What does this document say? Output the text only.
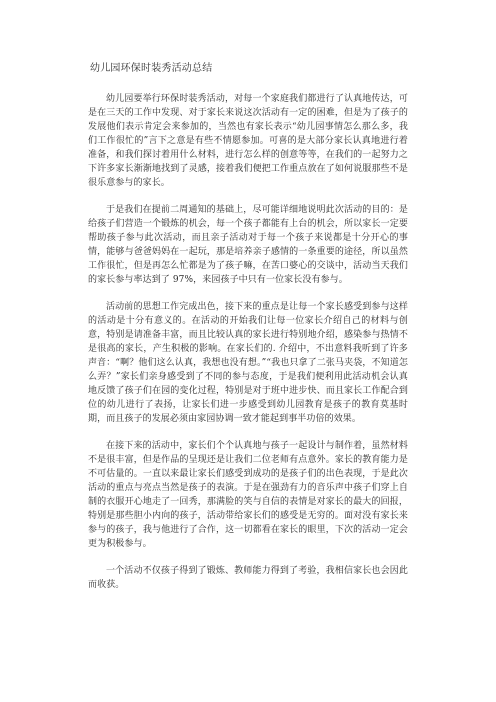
幼儿园环保时装秀活动总结

幼儿园要举行环保时装秀活动，对每一个家庭我们都进行了认真地传达，可是在三天的工作中发现、对于家长来说这次活动有一定的困难，但是为了孩子的发展他们表示肯定会来参加的，当然也有家长表示“幼儿园事情怎么那么多，我们工作很忙的”言下之意是有些不情愿参加。可喜的是大部分家长认真地进行着准备，和我们探讨着用什么材料，进行怎么样的创意等等，在我们的一起努力之下许多家长渐渐地找到了灵感，接着我们便把工作重点放在了如何说服那些不是很乐意参与的家长。

于是我们在提前二周通知的基础上，尽可能详细地说明此次活动的目的：是给孩子们营造一个锻炼的机会，每一个孩子都能有上台的机会，所以家长一定要帮助孩子参与此次活动，而且亲子活动对于每一个孩子来说都是十分开心的事情，能够与爸爸妈妈在一起玩，那是培养亲子感情的一条重要的途径，所以虽然工作很忙，但是再怎么忙都是为了孩子嘛，在苦口婆心的交谈中，活动当天我们的家长参与率达到了 97%，来园孩子中只有一位家长没有参与。

活动前的思想工作完成出色，接下来的重点是让每一个家长感受到参与这样的活动是十分有意义的。在活动的开始我们让每一位家长介绍自己的材料与创意，特别是请准备丰富，而且比较认真的家长进行特别地介绍，感染参与热情不是很高的家长，产生积极的影响。在家长们的. 介绍中，不出意料我听到了许多声音：“啊？他们这么认真，我想也没有想。”“我也只拿了二张马夹袋，不知道怎么弄？”家长们亲身感受到了不同的参与态度，于是我们便利用此活动机会认真地反馈了孩子们在园的变化过程，特别是对于班中进步快、而且家长工作配合到位的幼儿进行了表扬，让家长们进一步感受到幼儿园教育是孩子的教育莫基时期，而且孩子的发展必须由家园协调一致才能起到事半功倍的效果。

在接下来的活动中，家长们个个认真地与孩子一起设计与制作着，虽然材料不是很丰富，但是作品的呈现还是让我们二位老师有点意外。家长的教育能力是不可估量的。一直以来最让家长们感受到成功的是孩子们的出色表现，于是此次活动的重点与亮点当然是孩子的表演。于是在强劲有力的音乐声中孩子们穿上自制的衣服开心地走了一回秀，那满脸的笑与自信的表情是对家长的最大的回报，特别是那些胆小内向的孩子，活动带给家长们的感受是无穷的。面对没有家长来参与的孩子，我与他进行了合作，这一切都看在家长的眼里，下次的活动一定会更为积极参与。

一个活动不仅孩子得到了锻炼、教师能力得到了考验，我相信家长也会因此而收获。
